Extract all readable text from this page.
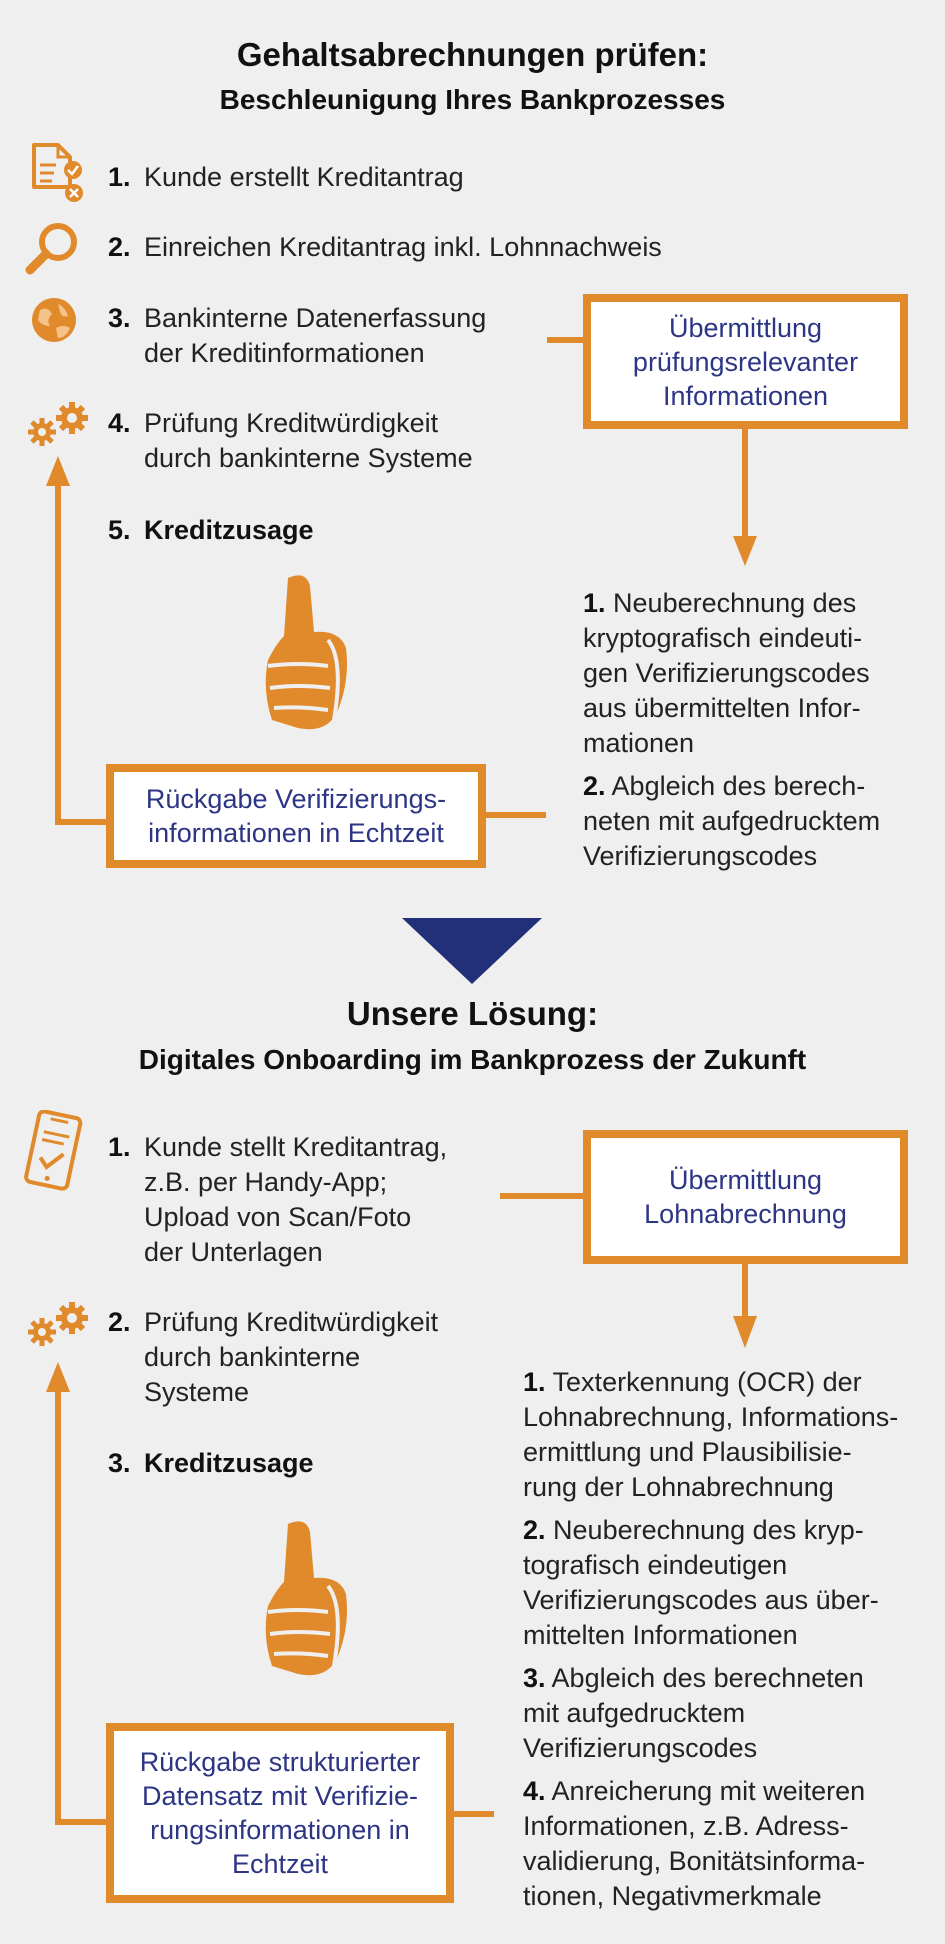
Gehaltsabrechnungen prüfen:
Beschleunigung Ihres Bankprozesses
1. Kunde erstellt Kreditantrag
2. Einreichen Kreditantrag inkl. Lohnnachweis
3. Bankinterne Datenerfassung
der Kreditinformationen
4. Prüfung Kreditwürdigkeit
durch bankinterne Systeme
5. Kreditzusage
Übermittlung
prüfungsrelevanter
Informationen
1. Neuberechnung des
kryptografisch eindeuti-
gen Verifizierungscodes
aus übermittelten Infor-
mationen
2. Abgleich des berech-
neten mit aufgedrucktem
Verifizierungscodes
Rückgabe Verifizierungs-
informationen in Echtzeit
Unsere Lösung:
Digitales Onboarding im Bankprozess der Zukunft
1. Kunde stellt Kreditantrag,
z.B. per Handy-App;
Upload von Scan/Foto
der Unterlagen
2. Prüfung Kreditwürdigkeit
durch bankinterne
Systeme
3. Kreditzusage
Übermittlung
Lohnabrechnung
1. Texterkennung (OCR) der
Lohnabrechnung, Informations-
ermittlung und Plausibilisie-
rung der Lohnabrechnung
2. Neuberechnung des kryp-
tografisch eindeutigen
Verifizierungscodes aus über-
mittelten Informationen
3. Abgleich des berechneten
mit aufgedrucktem
Verifizierungscodes
4. Anreicherung mit weiteren
Informationen, z.B. Adress-
validierung, Bonitätsinforma-
tionen, Negativmerkmale
Rückgabe strukturierter
Datensatz mit Verifizie-
rungsinformationen in
Echtzeit
